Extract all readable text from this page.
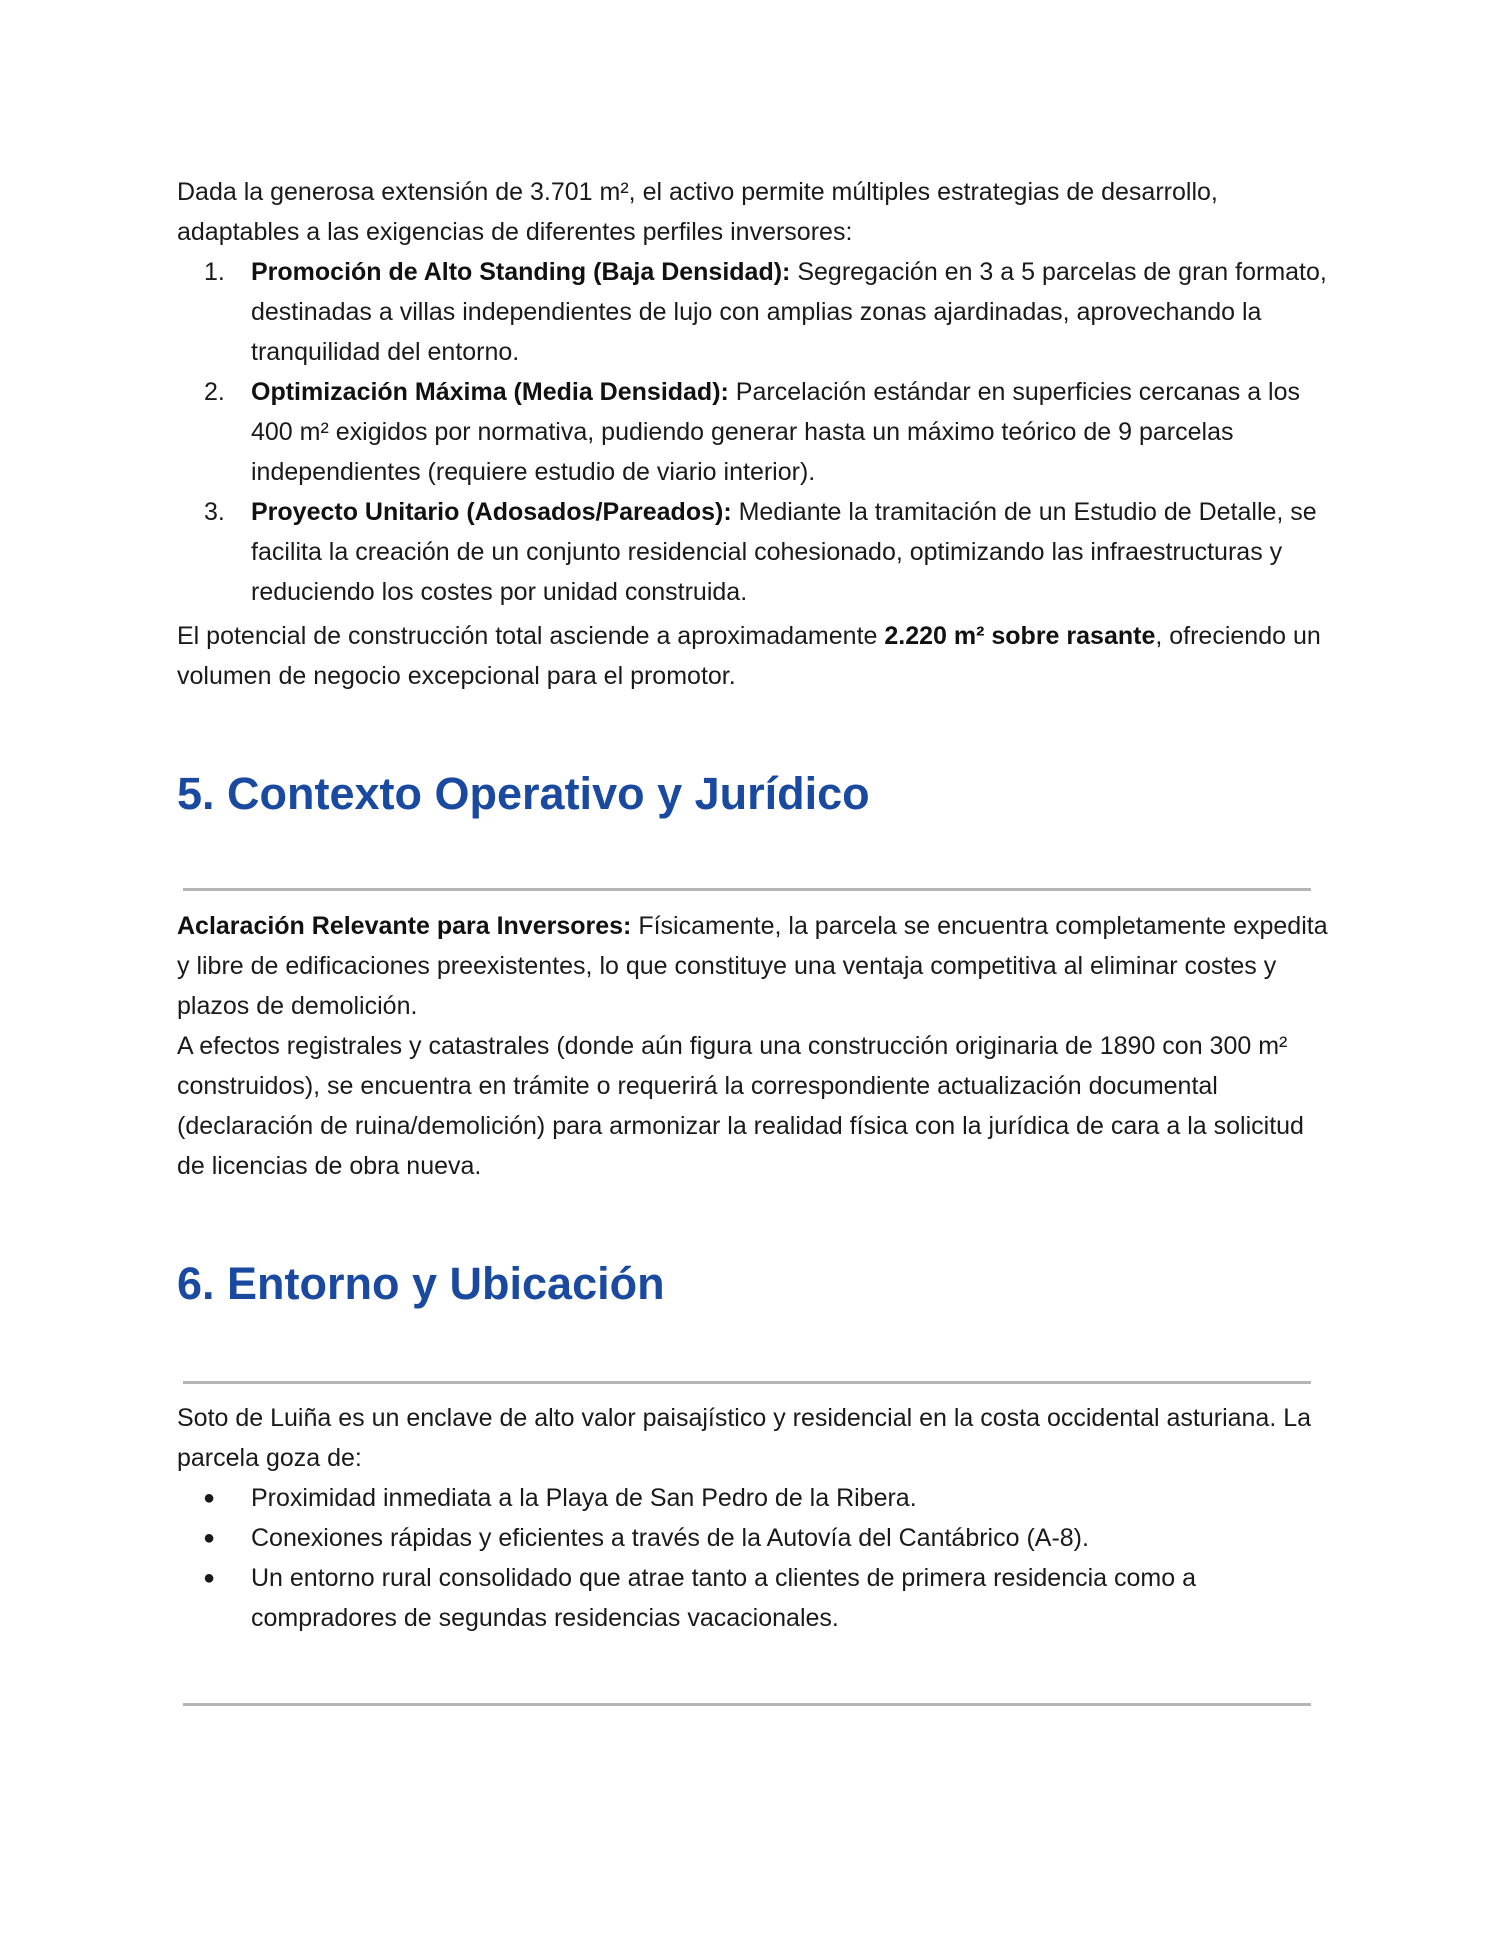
Dada la generosa extensión de 3.701 m², el activo permite múltiples estrategias de desarrollo, adaptables a las exigencias de diferentes perfiles inversores:

1. Promoción de Alto Standing (Baja Densidad): Segregación en 3 a 5 parcelas de gran formato, destinadas a villas independientes de lujo con amplias zonas ajardinadas, aprovechando la tranquilidad del entorno.
2. Optimización Máxima (Media Densidad): Parcelación estándar en superficies cercanas a los 400 m² exigidos por normativa, pudiendo generar hasta un máximo teórico de 9 parcelas independientes (requiere estudio de viario interior).
3. Proyecto Unitario (Adosados/Pareados): Mediante la tramitación de un Estudio de Detalle, se facilita la creación de un conjunto residencial cohesionado, optimizando las infraestructuras y reduciendo los costes por unidad construida.

El potencial de construcción total asciende a aproximadamente 2.220 m² sobre rasante, ofreciendo un volumen de negocio excepcional para el promotor.

5. Contexto Operativo y Jurídico

Aclaración Relevante para Inversores: Físicamente, la parcela se encuentra completamente expedita y libre de edificaciones preexistentes, lo que constituye una ventaja competitiva al eliminar costes y plazos de demolición.

A efectos registrales y catastrales (donde aún figura una construcción originaria de 1890 con 300 m² construidos), se encuentra en trámite o requerirá la correspondiente actualización documental (declaración de ruina/demolición) para armonizar la realidad física con la jurídica de cara a la solicitud de licencias de obra nueva.

6. Entorno y Ubicación

Soto de Luiña es un enclave de alto valor paisajístico y residencial en la costa occidental asturiana. La parcela goza de:

● Proximidad inmediata a la Playa de San Pedro de la Ribera.
● Conexiones rápidas y eficientes a través de la Autovía del Cantábrico (A-8).
● Un entorno rural consolidado que atrae tanto a clientes de primera residencia como a compradores de segundas residencias vacacionales.
